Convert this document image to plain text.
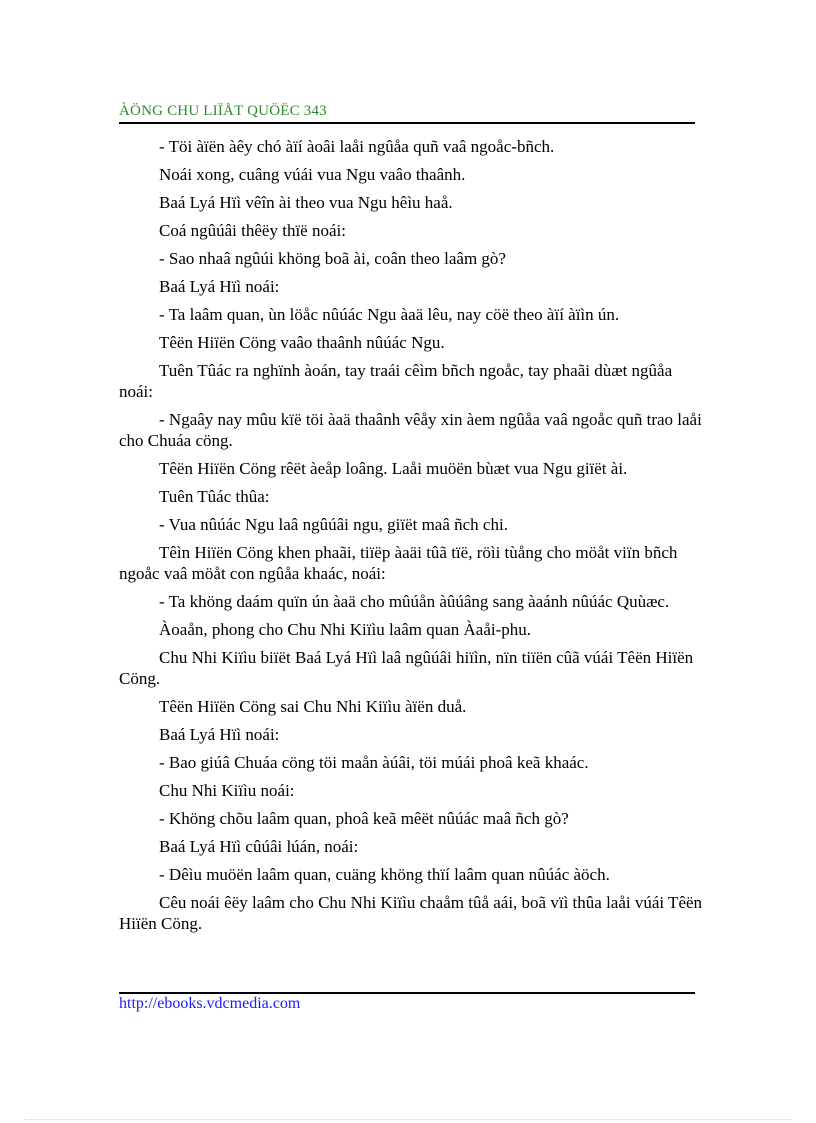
ÀÖNG CHU LIÏÅT QUÖËC 343

- Töi àïën àêy chó àïí àoâi laåi ngûåa quñ vaâ ngoåc-bñch.

Noái xong, cuâng vúái vua Ngu vaâo thaânh.

Baá Lyá Hïì vêîn ài theo vua Ngu hêìu haå.

Coá ngûúâi thêëy thïë noái:

- Sao nhaâ ngûúi khöng boã ài, coân theo laâm gò?

Baá Lyá Hïì noái:

- Ta laâm quan, ùn löåc nûúác Ngu àaä lêu, nay cöë theo àïí àïìn ún.

Têën Hiïën Cöng vaâo thaânh nûúác Ngu.

Tuên Tûác ra nghïnh àoán, tay traái cêìm bñch ngoåc, tay phaãi dùæt ngûåa noái:

- Ngaây nay mûu kïë töi àaä thaânh vêåy xin àem ngûåa vaâ ngoåc quñ trao laåi cho Chuáa cöng.

Têën Hiïën Cöng rêët àeåp loâng. Laåi muöën bùæt vua Ngu giïët ài.

Tuên Tûác thûa:

- Vua nûúác Ngu laâ ngûúâi ngu, giïët maâ ñch chi.

Têìn Hiïën Cöng khen phaãi, tiïëp àaäi tûã tïë, röìi tùång cho möåt viïn bñch ngoåc vaâ möåt con ngûåa khaác, noái:

- Ta khöng daám quïn ún àaä cho mûúån àûúâng sang àaánh nûúác Quùæc.

Àoaån, phong cho Chu Nhi Kiïìu laâm quan Àaåi-phu.

Chu Nhi Kiïìu biïët Baá Lyá Hïì laâ ngûúâi hiïìn, nïn tiïën cûã vúái Têën Hiïën Cöng.

Têën Hiïën Cöng sai Chu Nhi Kiïìu àïën duå.

Baá Lyá Hïì noái:

- Bao giúâ Chuáa cöng töi maån àúâi, töi múái phoâ keã khaác.

Chu Nhi Kiïìu noái:

- Khöng chõu laâm quan, phoâ keã mêët nûúác maâ ñch gò?

Baá Lyá Hïì cûúâi lúán, noái:

- Dêìu muöën laâm quan, cuäng khöng thïí laâm quan nûúác àöch.

Cêu noái êëy laâm cho Chu Nhi Kiïìu chaåm tûå aái, boã vïì thûa laåi vúái Têën Hiïën Cöng.

http://ebooks.vdcmedia.com
